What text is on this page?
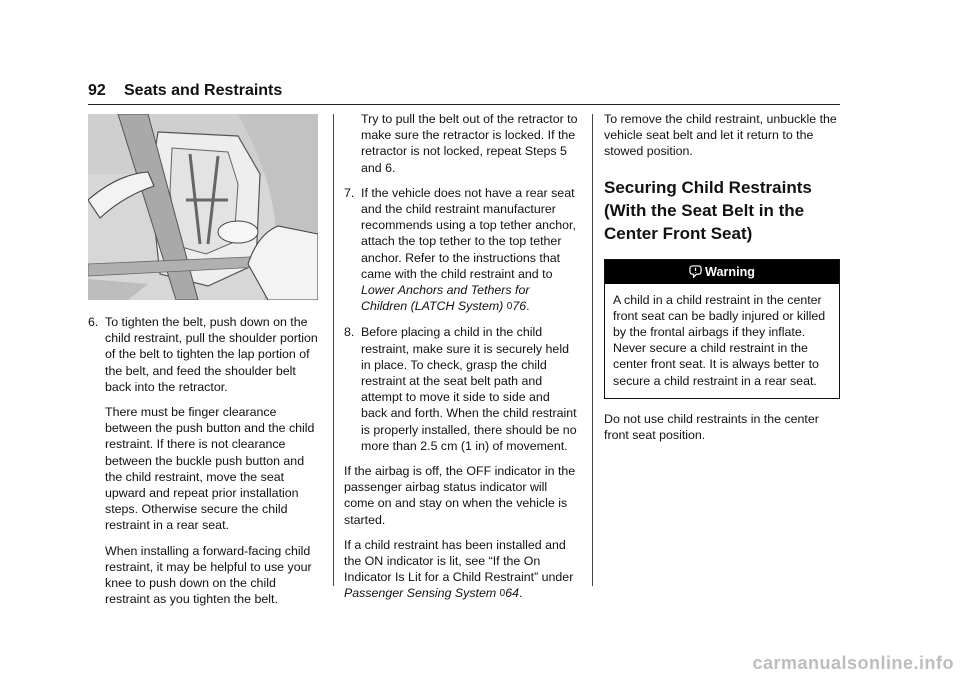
92 Seats and Restraints
6. To tighten the belt, push down on the child restraint, pull the shoulder portion of the belt to tighten the lap portion of the belt, and feed the shoulder belt back into the retractor.

There must be finger clearance between the push button and the child restraint. If there is not clearance between the buckle push button and the child restraint, move the seat upward and repeat prior installation steps. Otherwise secure the child restraint in a rear seat.

When installing a forward-facing child restraint, it may be helpful to use your knee to push down on the child restraint as you tighten the belt.

Try to pull the belt out of the retractor to make sure the retractor is locked. If the retractor is not locked, repeat Steps 5 and 6.

7. If the vehicle does not have a rear seat and the child restraint manufacturer recommends using a top tether anchor, attach the top tether to the top tether anchor. Refer to the instructions that came with the child restraint and to Lower Anchors and Tethers for Children (LATCH System) 076.
8. Before placing a child in the child restraint, make sure it is securely held in place. To check, grasp the child restraint at the seat belt path and attempt to move it side to side and back and forth. When the child restraint is properly installed, there should be no more than 2.5 cm (1 in) of movement.

If the airbag is off, the OFF indicator in the passenger airbag status indicator will come on and stay on when the vehicle is started.

If a child restraint has been installed and the ON indicator is lit, see “If the On Indicator Is Lit for a Child Restraint” under Passenger Sensing System 064.

To remove the child restraint, unbuckle the vehicle seat belt and let it return to the stowed position.

Securing Child Restraints (With the Seat Belt in the Center Front Seat)
Warning
A child in a child restraint in the center front seat can be badly injured or killed by the frontal airbags if they inflate. Never secure a child restraint in the center front seat. It is always better to secure a child restraint in a rear seat.

Do not use child restraints in the center front seat position.

carmanualsonline.info
